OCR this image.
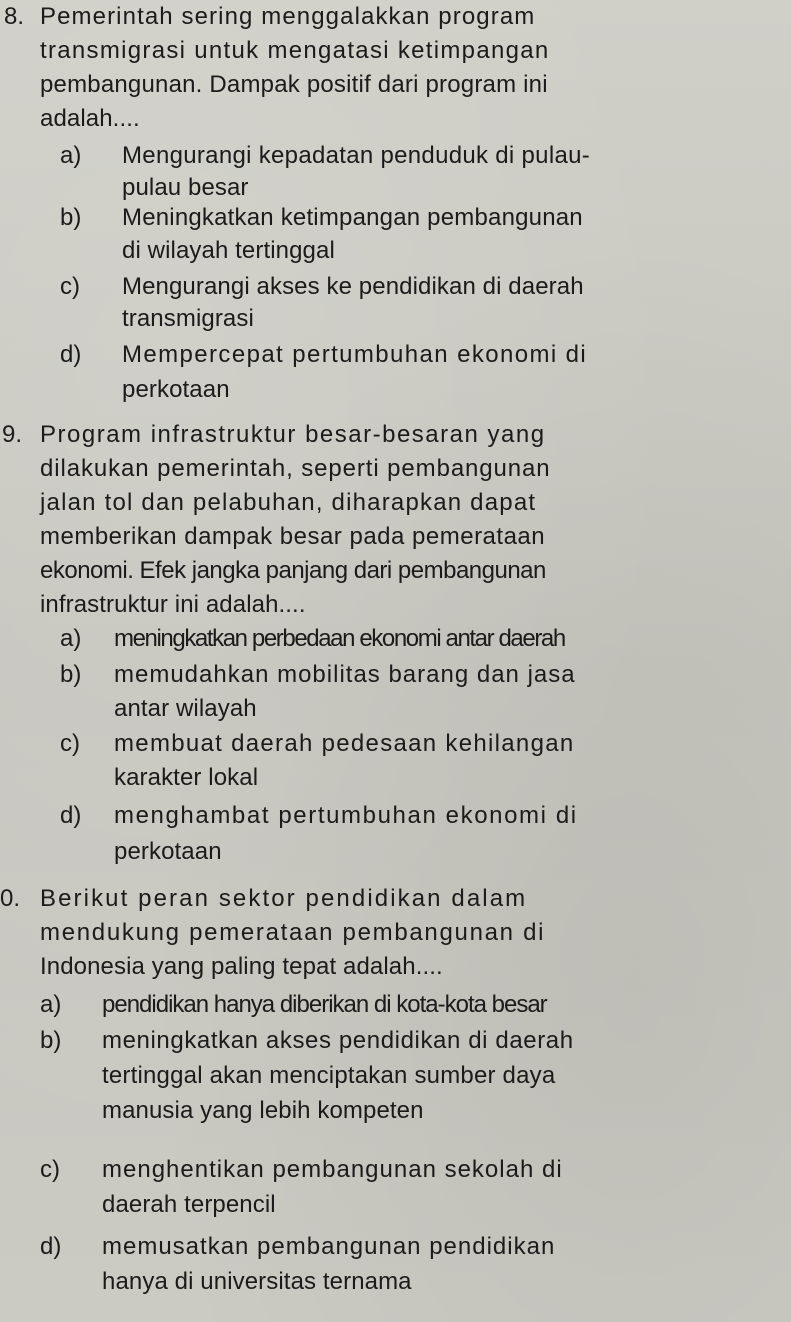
8. Pemerintah sering menggalakkan program
transmigrasi untuk mengatasi ketimpangan
pembangunan. Dampak positif dari program ini
adalah....
a) Mengurangi kepadatan penduduk di pulau-
pulau besar
b) Meningkatkan ketimpangan pembangunan
di wilayah tertinggal
c) Mengurangi akses ke pendidikan di daerah
transmigrasi
d) Mempercepat pertumbuhan ekonomi di
perkotaan
9. Program infrastruktur besar-besaran yang
dilakukan pemerintah, seperti pembangunan
jalan tol dan pelabuhan, diharapkan dapat
memberikan dampak besar pada pemerataan
ekonomi. Efek jangka panjang dari pembangunan
infrastruktur ini adalah....
a) meningkatkan perbedaan ekonomi antar daerah
b) memudahkan mobilitas barang dan jasa
antar wilayah
c) membuat daerah pedesaan kehilangan
karakter lokal
d) menghambat pertumbuhan ekonomi di
perkotaan
0. Berikut peran sektor pendidikan dalam
mendukung pemerataan pembangunan di
Indonesia yang paling tepat adalah....
a) pendidikan hanya diberikan di kota-kota besar
b) meningkatkan akses pendidikan di daerah
tertinggal akan menciptakan sumber daya
manusia yang lebih kompeten
c) menghentikan pembangunan sekolah di
daerah terpencil
d) memusatkan pembangunan pendidikan
hanya di universitas ternama
